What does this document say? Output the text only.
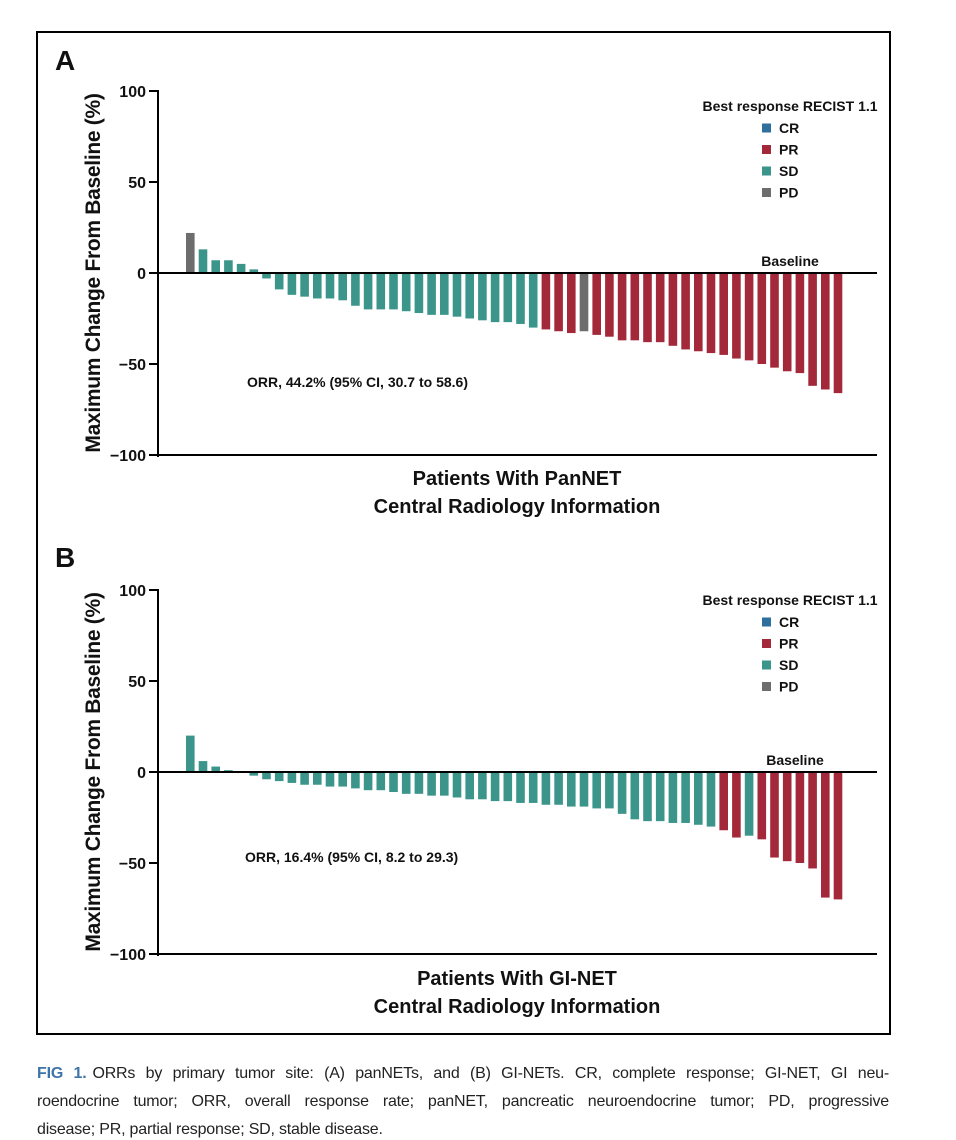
A
Maximum Change From Baseline (%)
100
50
0
−50
−100
Best response RECIST 1.1
CR
PR
SD
PD
Baseline
ORR, 44.2% (95% CI, 30.7 to 58.6)
Patients With PanNET
Central Radiology Information
B
Maximum Change From Baseline (%)
100
50
0
−50
−100
Best response RECIST 1.1
CR
PR
SD
PD
Baseline
ORR, 16.4% (95% CI, 8.2 to 29.3)
Patients With GI-NET
Central Radiology Information
FIG 1. ORRs by primary tumor site: (A) panNETs, and (B) GI-NETs. CR, complete response; GI-NET, GI neu-
roendocrine tumor; ORR, overall response rate; panNET, pancreatic neuroendocrine tumor; PD, progressive
disease; PR, partial response; SD, stable disease.
